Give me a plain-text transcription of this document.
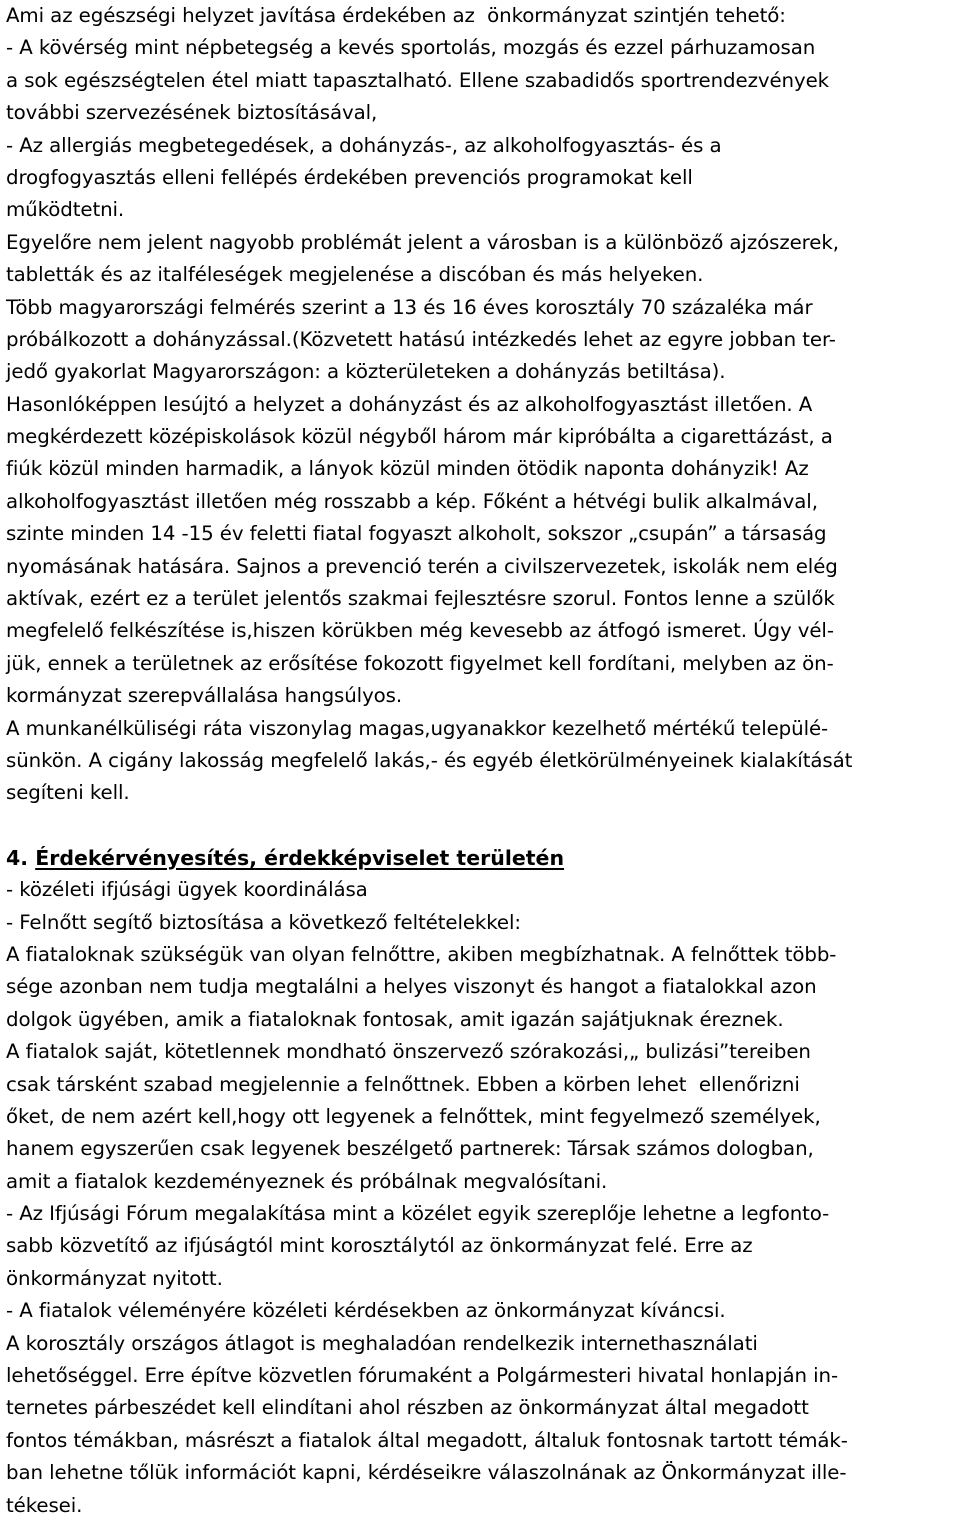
Ami az egészségi helyzet javítása érdekében az  önkormányzat szintjén tehető:
- A kövérség mint népbetegség a kevés sportolás, mozgás és ezzel párhuzamosan
a sok egészségtelen étel miatt tapasztalható. Ellene szabadidős sportrendezvények
további szervezésének biztosításával,
- Az allergiás megbetegedések, a dohányzás-, az alkoholfogyasztás- és a
drogfogyasztás elleni fellépés érdekében prevenciós programokat kell
működtetni.
Egyelőre nem jelent nagyobb problémát jelent a városban is a különböző ajzószerek,
tabletták és az italféleségek megjelenése a discóban és más helyeken.
Több magyarországi felmérés szerint a 13 és 16 éves korosztály 70 százaléka már
próbálkozott a dohányzással.(Közvetett hatású intézkedés lehet az egyre jobban ter-
jedő gyakorlat Magyarországon: a közterületeken a dohányzás betiltása).
Hasonlóképpen lesújtó a helyzet a dohányzást és az alkoholfogyasztást illetően. A
megkérdezett középiskolások közül négyből három már kipróbálta a cigarettázást, a
fiúk közül minden harmadik, a lányok közül minden ötödik naponta dohányzik! Az
alkoholfogyasztást illetően még rosszabb a kép. Főként a hétvégi bulik alkalmával,
szinte minden 14 -15 év feletti fiatal fogyaszt alkoholt, sokszor „csupán” a társaság
nyomásának hatására. Sajnos a prevenció terén a civilszervezetek, iskolák nem elég
aktívak, ezért ez a terület jelentős szakmai fejlesztésre szorul. Fontos lenne a szülők
megfelelő felkészítése is,hiszen körükben még kevesebb az átfogó ismeret. Úgy vél-
jük, ennek a területnek az erősítése fokozott figyelmet kell fordítani, melyben az ön-
kormányzat szerepvállalása hangsúlyos.
A munkanélküliségi ráta viszonylag magas,ugyanakkor kezelhető mértékű települé-
sünkön. A cigány lakosság megfelelő lakás,- és egyéb életkörülményeinek kialakítását
segíteni kell.
4. Érdekérvényesítés, érdekképviselet területén
- közéleti ifjúsági ügyek koordinálása
- Felnőtt segítő biztosítása a következő feltételekkel:
A fiataloknak szükségük van olyan felnőttre, akiben megbízhatnak. A felnőttek több-
sége azonban nem tudja megtalálni a helyes viszonyt és hangot a fiatalokkal azon
dolgok ügyében, amik a fiataloknak fontosak, amit igazán sajátjuknak éreznek.
A fiatalok saját, kötetlennek mondható önszervező szórakozási,„ bulizási”tereiben
csak társként szabad megjelennie a felnőttnek. Ebben a körben lehet  ellenőrizni
őket, de nem azért kell,hogy ott legyenek a felnőttek, mint fegyelmező személyek,
hanem egyszerűen csak legyenek beszélgető partnerek: Társak számos dologban,
amit a fiatalok kezdeményeznek és próbálnak megvalósítani.
- Az Ifjúsági Fórum megalakítása mint a közélet egyik szereplője lehetne a legfonto-
sabb közvetítő az ifjúságtól mint korosztálytól az önkormányzat felé. Erre az
önkormányzat nyitott.
- A fiatalok véleményére közéleti kérdésekben az önkormányzat kíváncsi.
A korosztály országos átlagot is meghaladóan rendelkezik internethasználati
lehetőséggel. Erre építve közvetlen fórumaként a Polgármesteri hivatal honlapján in-
ternetes párbeszédet kell elindítani ahol részben az önkormányzat által megadott
fontos témákban, másrészt a fiatalok által megadott, általuk fontosnak tartott témák-
ban lehetne tőlük információt kapni, kérdéseikre válaszolnának az Önkormányzat ille-
tékesei.
